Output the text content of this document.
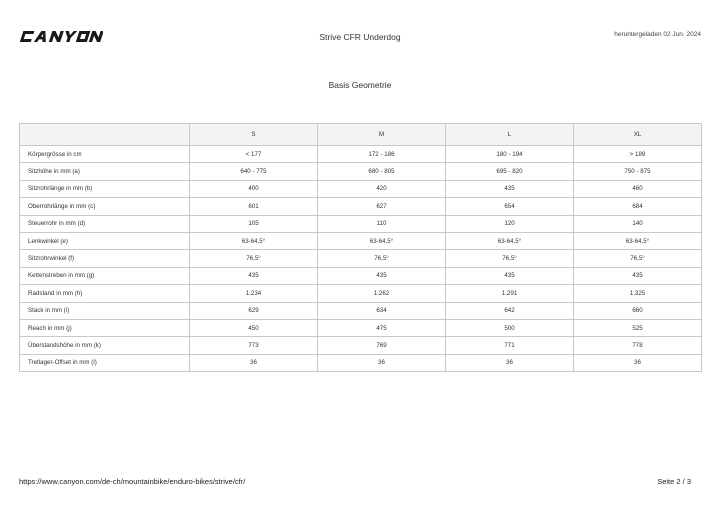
Strive CFR Underdog	heruntergeladen 02 Jun. 2024
Basis Geometrie
	S	M	L	XL
Körpergrösse in cm	< 177	172 - 186	180 - 194	> 189
Sitzhöhe in mm (a)	640 - 775	680 - 805	695 - 820	750 - 875
Sitzrohrlänge in mm (b)	400	420	435	460
Oberrohrlänge in mm (c)	601	627	654	684
Steuerrohr in mm (d)	105	110	120	140
Lenkwinkel (e)	63-64,5°	63-64,5°	63-64,5°	63-64,5°
Sitzrohrwinkel (f)	76,5°	76,5°	76,5°	76,5°
Kettenstreben in mm (g)	435	435	435	435
Radstand in mm (h)	1.234	1.262	1.291	1.325
Stack in mm (i)	629	634	642	660
Reach in mm (j)	450	475	500	525
Überstandshöhe in mm (k)	773	769	771	778
Tretlager-Offset in mm (l)	36	36	36	36
https://www.canyon.com/de-ch/mountainbike/enduro-bikes/strive/cfr/	Seite 2 / 3
